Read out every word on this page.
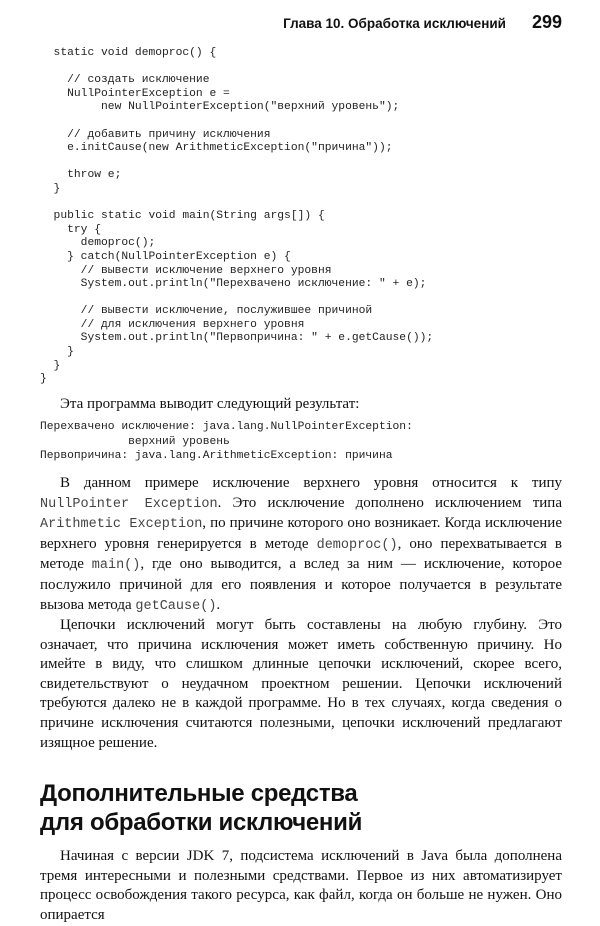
Глава 10. Обработка исключений 299
static void demoproc() {

// создать исключение
NullPointerException e =
new NullPointerException("верхний уровень");

// добавить причину исключения
e.initCause(new ArithmeticException("причина"));

throw e;
}

public static void main(String args[]) {
try {
demoproc();
} catch(NullPointerException e) {
// вывести исключение верхнего уровня
System.out.println("Перехвачено исключение: " + e);

// вывести исключение, послужившее причиной
// для исключения верхнего уровня
System.out.println("Первопричина: " + e.getCause());
}
}
}

Эта программа выводит следующий результат:

Перехвачено исключение: java.lang.NullPointerException:
верхний уровень
Первопричина: java.lang.ArithmeticException: причина

В данном примере исключение верхнего уровня относится к типу NullPointer Exception. Это исключение дополнено исключением типа Arithmetic Exception, по причине которого оно возникает. Когда исключение верхнего уровня генерируется в методе demoproc(), оно перехватывается в методе main(), где оно выводится, а вслед за ним — исключение, которое послужило причиной для его появления и которое получается в результате вызова метода getCause().

Цепочки исключений могут быть составлены на любую глубину. Это означает, что причина исключения может иметь собственную причину. Но имейте в виду, что слишком длинные цепочки исключений, скорее всего, свидетельствуют о неудачном проектном решении. Цепочки исключений требуются далеко не в каждой программе. Но в тех случаях, когда сведения о причине исключения считаются полезными, цепочки исключений предлагают изящное решение.

Дополнительные средства
для обработки исключений

Начиная с версии JDK 7, подсистема исключений в Java была дополнена тремя интересными и полезными средствами. Первое из них автоматизирует процесс освобождения такого ресурса, как файл, когда он больше не нужен. Оно опирается
